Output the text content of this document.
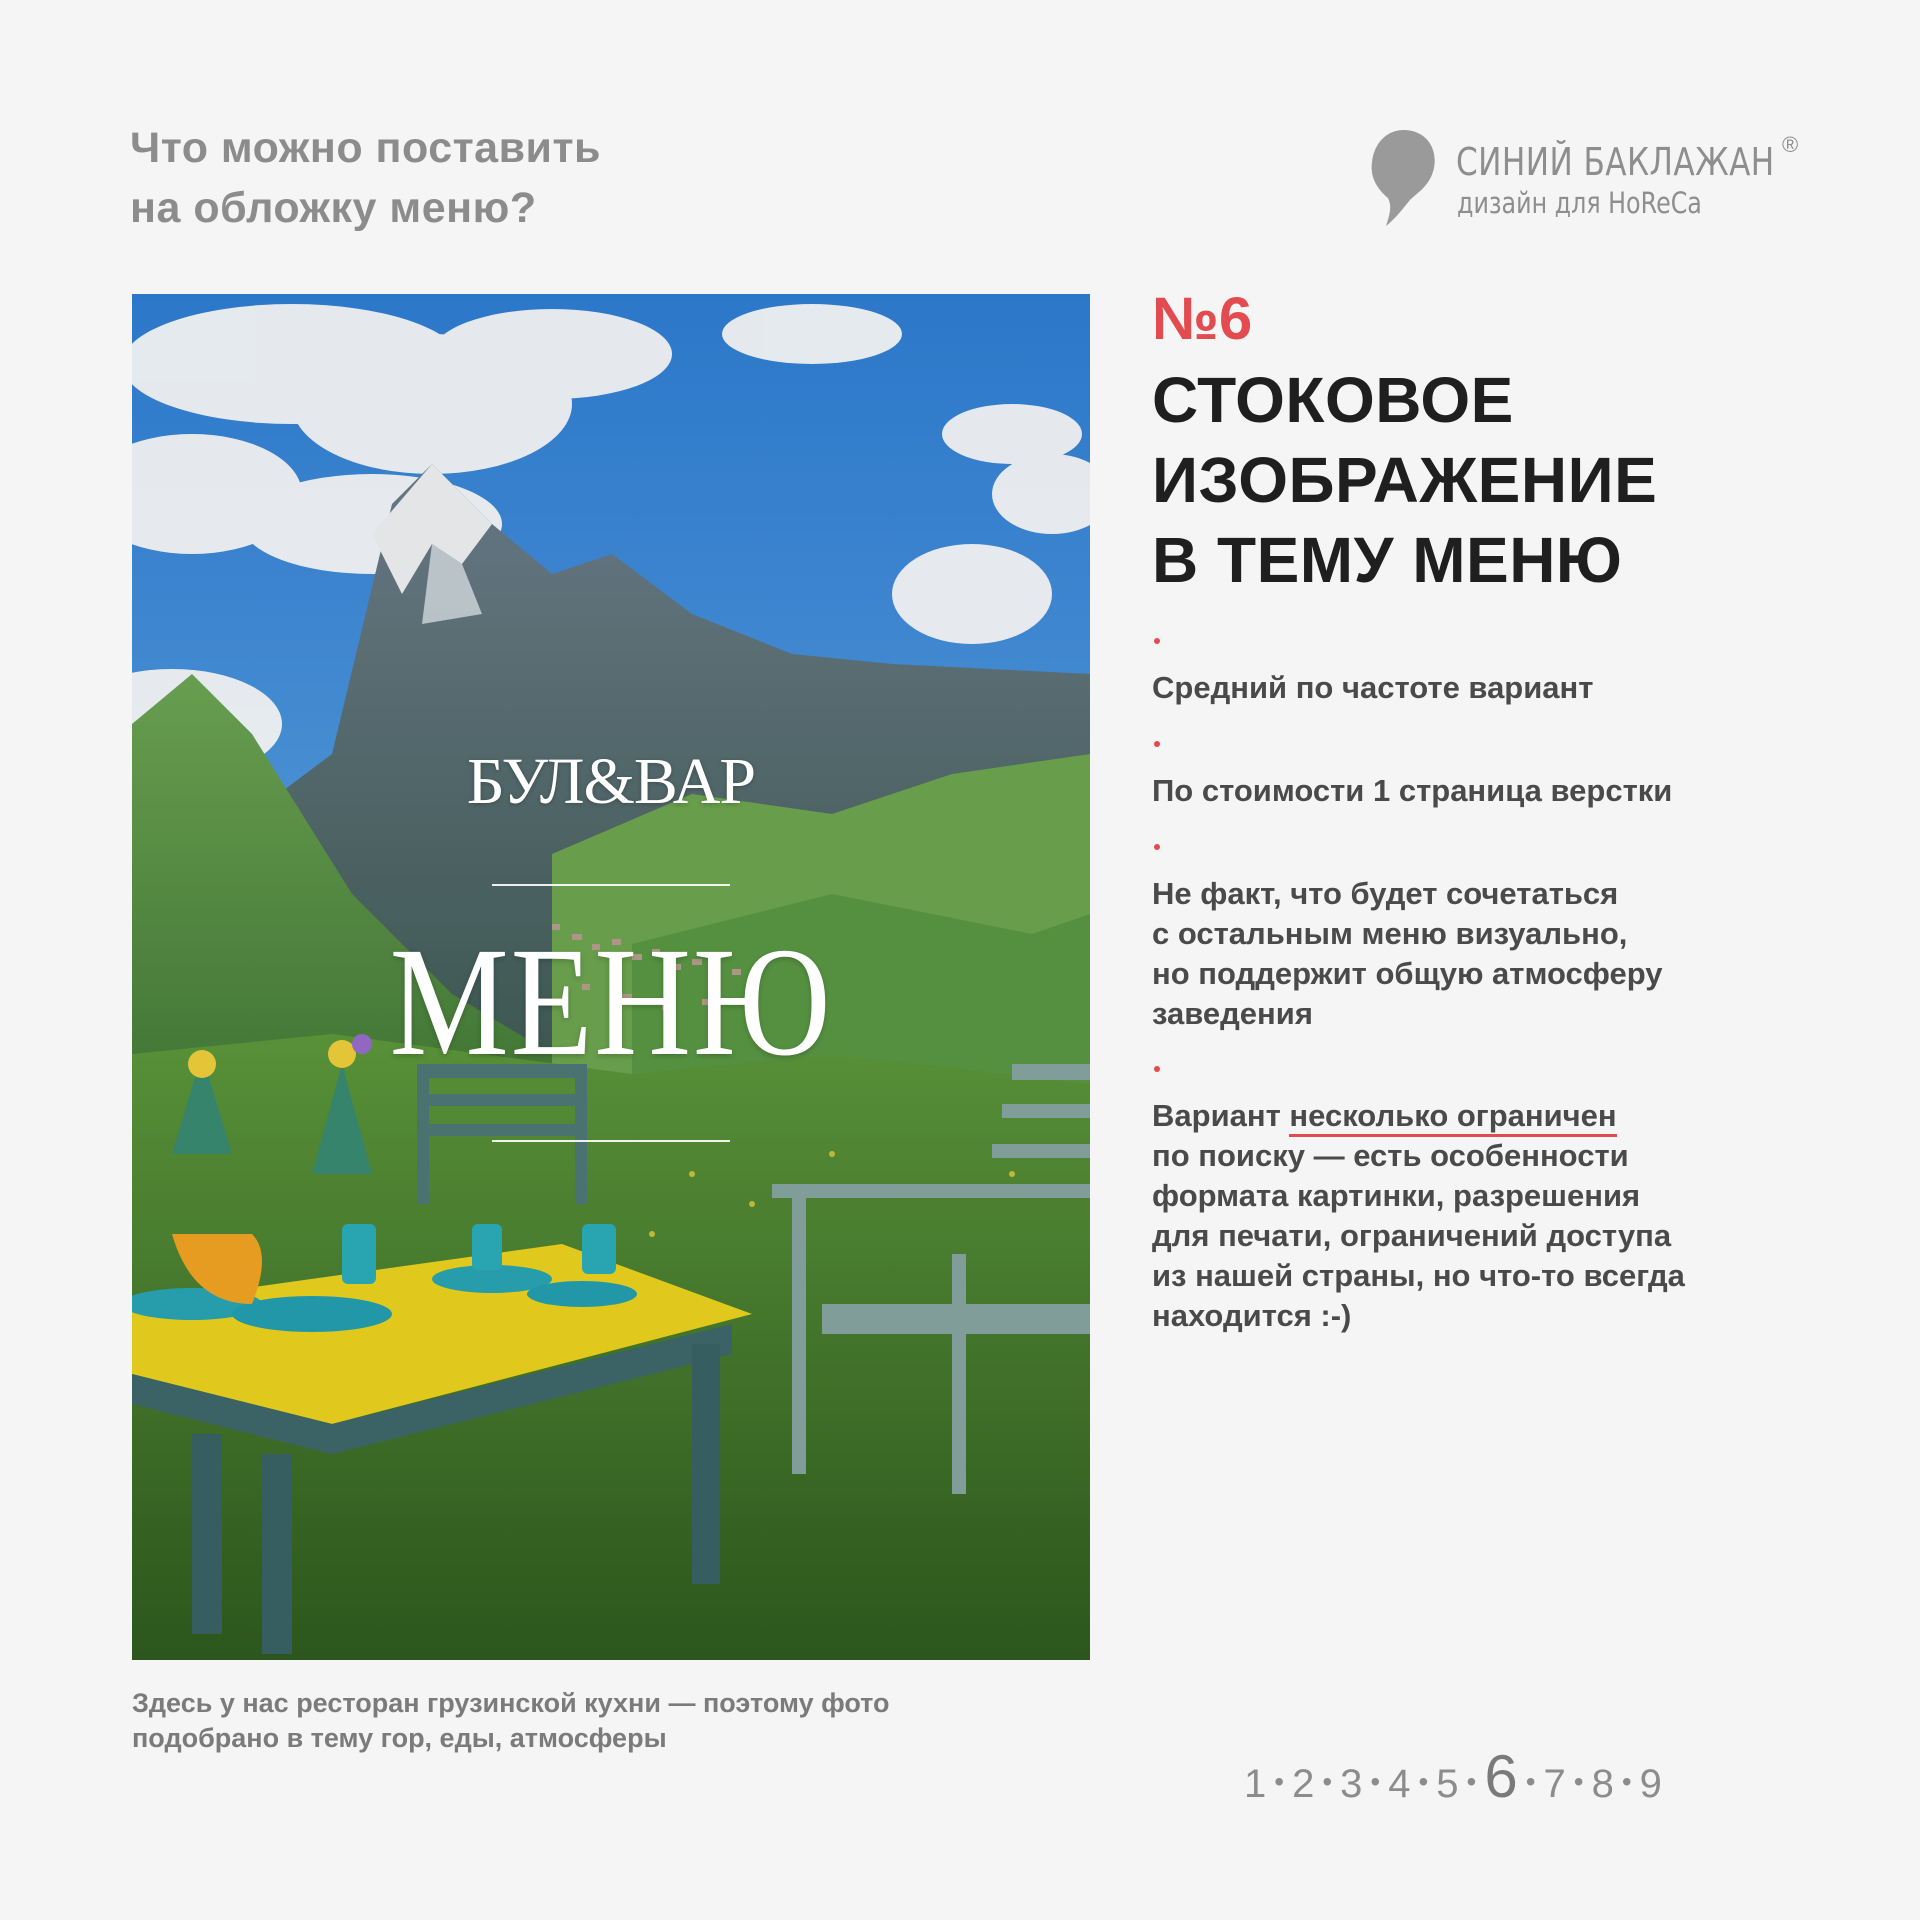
Что можно поставить
на обложку меню?
СИНИЙ БАКЛАЖАН ®
дизайн для HoReCa
БУЛ&ВАР
МЕНЮ
Здесь у нас ресторан грузинской кухни — поэтому фото
подобрано в тему гор, еды, атмосферы
№6
СТОКОВОЕ
ИЗОБРАЖЕНИЕ
В ТЕМУ МЕНЮ
Средний по частоте вариант
По стоимости 1 страница верстки
Не факт, что будет сочетаться
с остальным меню визуально,
но поддержит общую атмосферу
заведения
Вариант несколько ограничен
по поиску — есть особенности
формата картинки, разрешения
для печати, ограничений доступа
из нашей страны, но что-то всегда
находится :-)
1 • 2 • 3 • 4 • 5 • 6 • 7 • 8 • 9
